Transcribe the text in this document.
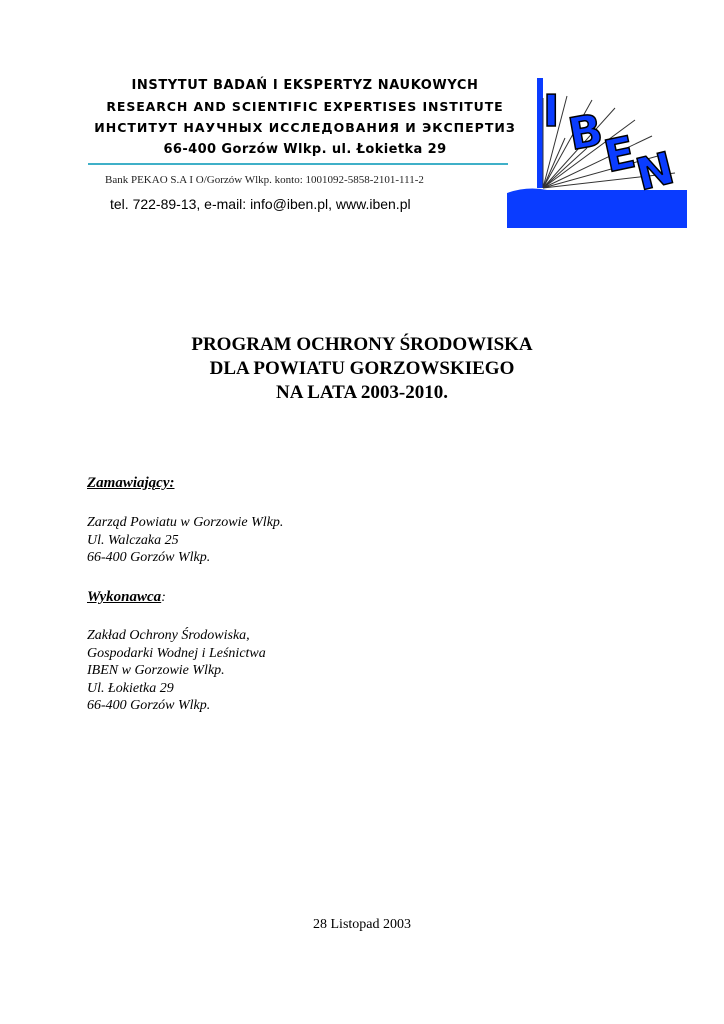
INSTYTUT BADAŃ I EKSPERTYZ NAUKOWYCH
RESEARCH AND SCIENTIFIC EXPERTISES INSTITUTE
ИНСТИТУТ НАУЧНЫХ ИССЛЕДОВАНИЯ И ЭКСПЕРТИЗ
66-400 Gorzów Wlkp. ul. Łokietka 29
Bank PEKAO S.A I O/Gorzów Wlkp. konto: 1001092-5858-2101-111-2
tel. 722-89-13, e-mail: info@iben.pl, www.iben.pl
I B
E
N
PROGRAM OCHRONY ŚRODOWISKA
DLA POWIATU GORZOWSKIEGO
NA LATA 2003-2010.
Zamawiający:
Zarząd Powiatu w Gorzowie Wlkp.
Ul. Walczaka 25
66-400 Gorzów Wlkp.
Wykonawca:
Zakład Ochrony Środowiska,
Gospodarki Wodnej i Leśnictwa
IBEN w Gorzowie Wlkp.
Ul. Łokietka 29
66-400 Gorzów Wlkp.
28 Listopad 2003
